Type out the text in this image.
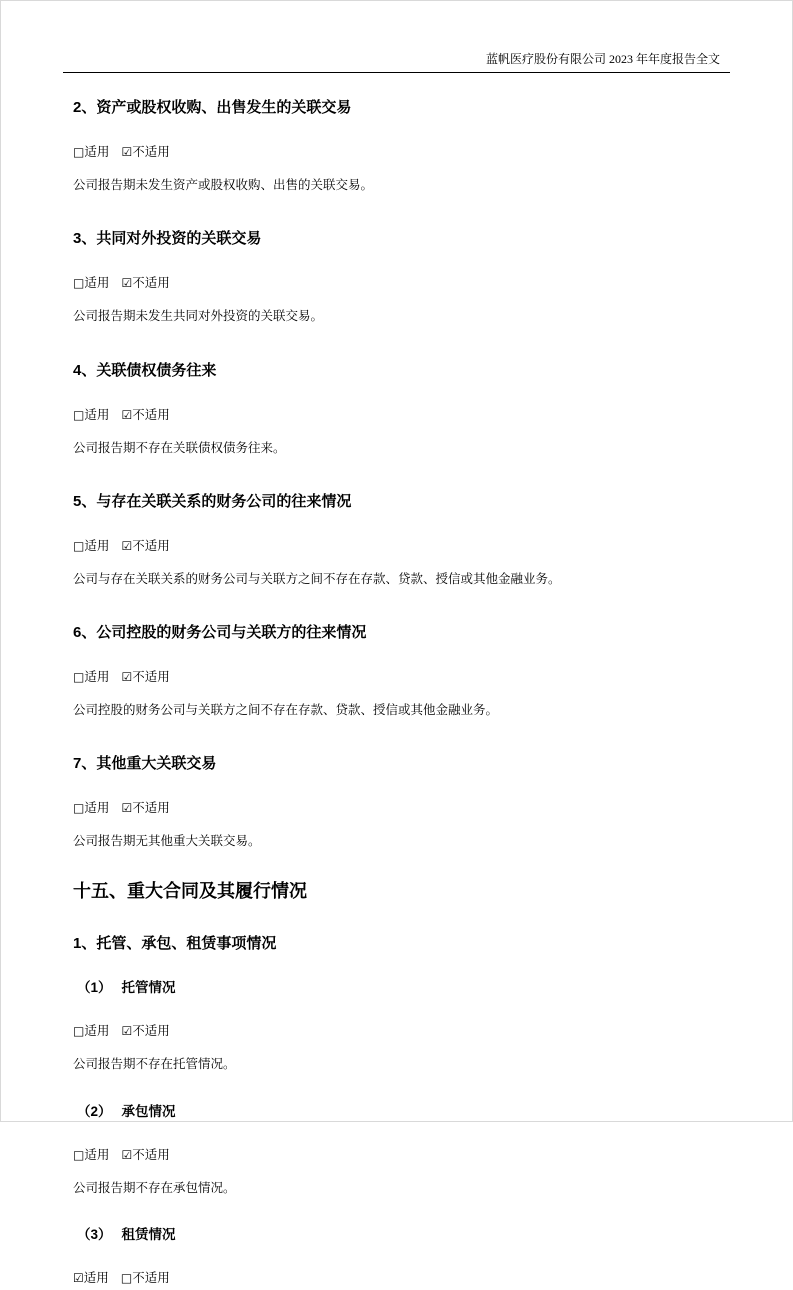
蓝帆医疗股份有限公司 2023 年年度报告全文
2、资产或股权收购、出售发生的关联交易

□适用 ☑不适用

公司报告期未发生资产或股权收购、出售的关联交易。

3、共同对外投资的关联交易

□适用 ☑不适用

公司报告期未发生共同对外投资的关联交易。

4、关联债权债务往来

□适用 ☑不适用

公司报告期不存在关联债权债务往来。

5、与存在关联关系的财务公司的往来情况

□适用 ☑不适用

公司与存在关联关系的财务公司与关联方之间不存在存款、贷款、授信或其他金融业务。

6、公司控股的财务公司与关联方的往来情况

□适用 ☑不适用

公司控股的财务公司与关联方之间不存在存款、贷款、授信或其他金融业务。

7、其他重大关联交易

□适用 ☑不适用

公司报告期无其他重大关联交易。

十五、重大合同及其履行情况
1、托管、承包、租赁事项情况
（1） 托管情况

□适用 ☑不适用

公司报告期不存在托管情况。

（2） 承包情况

□适用 ☑不适用

公司报告期不存在承包情况。

（3） 租赁情况

☑适用 □不适用
